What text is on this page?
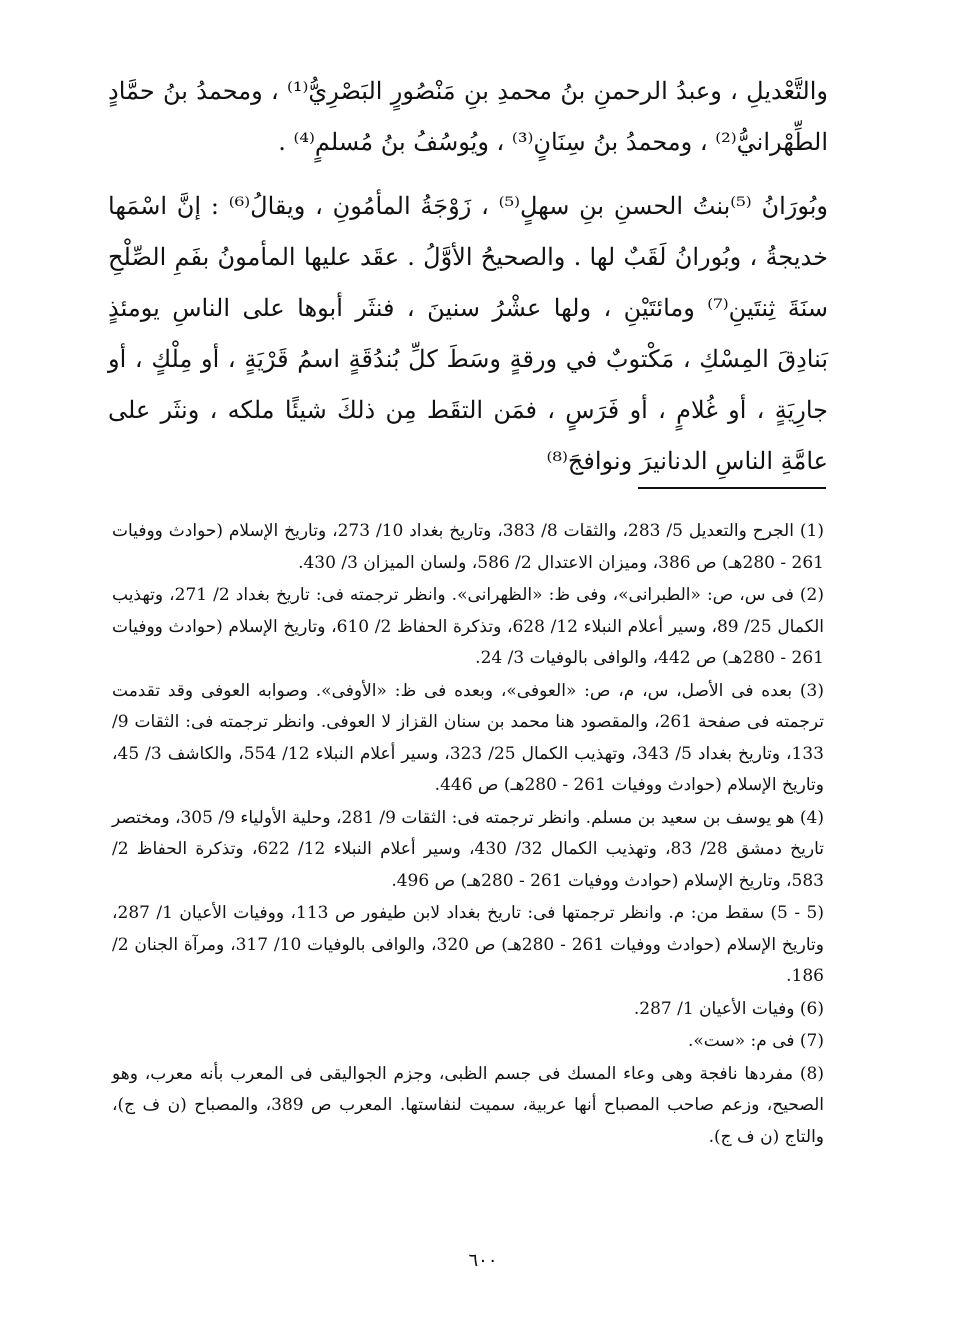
والتَّعْديلِ ، وعبدُ الرحمنِ بنُ محمدِ بنِ مَنْصُورٍ البَصْرِيُّ⁽¹⁾ ، ومحمدُ بنُ حمَّادٍ الطِّهْرانيُّ⁽²⁾ ، ومحمدُ بنُ سِنَانٍ⁽³⁾ ، ويُوسُفُ بنُ مُسلمٍ⁽⁴⁾ .

وبُورَانُ ⁽⁵⁾بنتُ الحسنِ بنِ سهلٍ⁽⁵⁾ ، زَوْجَةُ المأمُونِ ، ويقالُ⁽⁶⁾ : إنَّ اسْمَها خديجةُ ، وبُورانُ لَقَبٌ لها . والصحيحُ الأوَّلُ . عقَد عليها المأمونُ بفَمِ الصِّلْحِ سنَةَ ثِنتَينِ⁽⁷⁾ ومائتَيْنِ ، ولها عشْرُ سنينَ ، فنثَر أبوها على الناسِ يومئذٍ بَنادِقَ المِسْكِ ، مَكْتوبٌ في ورقةٍ وسَطَ كلِّ بُندُقَةٍ اسمُ قَرْيَةٍ ، أو مِلْكٍ ، أو جارِيَةٍ ، أو غُلامٍ ، أو فَرَسٍ ، فمَن التقَط مِن ذلكَ شيئًا ملكه ، ونثَر على عامَّةِ الناسِ الدنانيرَ ونوافجَ⁽⁸⁾

(1) الجرح والتعديل 5/ 283، والثقات 8/ 383، وتاريخ بغداد 10/ 273، وتاريخ الإسلام (حوادث ووفيات 261 - 280هـ) ص 386، وميزان الاعتدال 2/ 586، ولسان الميزان 3/ 430.

(2) فى س، ص: «الطبرانى»، وفى ظ: «الظهرانى». وانظر ترجمته فى: تاريخ بغداد 2/ 271، وتهذيب الكمال 25/ 89، وسير أعلام النبلاء 12/ 628، وتذكرة الحفاظ 2/ 610، وتاريخ الإسلام (حوادث ووفيات 261 - 280هـ) ص 442، والوافى بالوفيات 3/ 24.

(3) بعده فى الأصل، س، م، ص: «العوفى»، وبعده فى ظ: «الأوفى». وصوابه العوفى وقد تقدمت ترجمته فى صفحة 261، والمقصود هنا محمد بن سنان القزاز لا العوفى. وانظر ترجمته فى: الثقات 9/ 133، وتاريخ بغداد 5/ 343، وتهذيب الكمال 25/ 323، وسير أعلام النبلاء 12/ 554، والكاشف 3/ 45، وتاريخ الإسلام (حوادث ووفيات 261 - 280هـ) ص 446.

(4) هو يوسف بن سعيد بن مسلم. وانظر ترجمته فى: الثقات 9/ 281، وحلية الأولياء 9/ 305، ومختصر تاريخ دمشق 28/ 83، وتهذيب الكمال 32/ 430، وسير أعلام النبلاء 12/ 622، وتذكرة الحفاظ 2/ 583، وتاريخ الإسلام (حوادث ووفيات 261 - 280هـ) ص 496.

(5 - 5) سقط من: م. وانظر ترجمتها فى: تاريخ بغداد لابن طيفور ص 113، ووفيات الأعيان 1/ 287، وتاريخ الإسلام (حوادث ووفيات 261 - 280هـ) ص 320، والوافى بالوفيات 10/ 317، ومرآة الجنان 2/ 186.

(6) وفيات الأعيان 1/ 287.

(7) فى م: «ست».

(8) مفردها نافجة وهى وعاء المسك فى جسم الظبى، وجزم الجواليقى فى المعرب بأنه معرب، وهو الصحيح، وزعم صاحب المصباح أنها عربية، سميت لنفاستها. المعرب ص 389، والمصباح (ن ف ج)، والتاج (ن ف ج).

٦٠٠
